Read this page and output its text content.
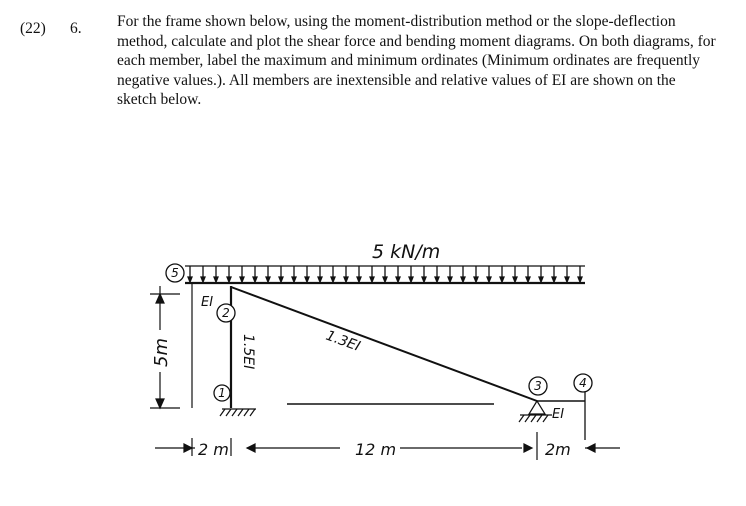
(22) 6. For the frame shown below, using the moment-distribution method or the slope-deflection method, calculate and plot the shear force and bending moment diagrams. On both diagrams, for each member, label the maximum and minimum ordinates (Minimum ordinates are frequently negative values.). All members are inextensible and relative values of EI are shown on the sketch below.
5 kN/m
5
2
1	3	4
5m
EI
1.5EI	1.3EI
EI
2 m	12 m	2m
